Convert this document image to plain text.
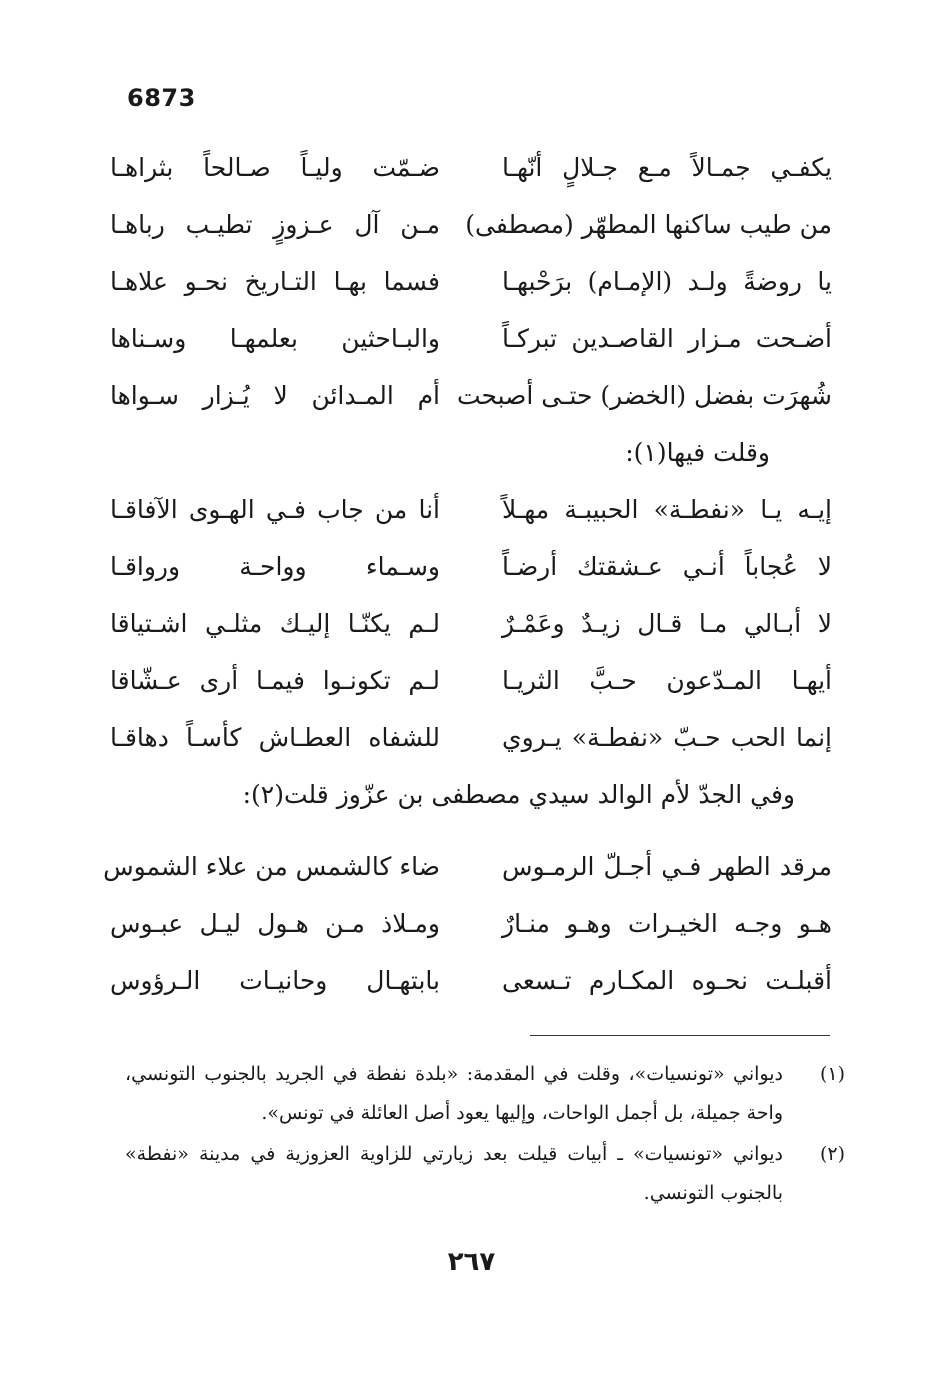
6873
يكفـي جمـالاً مـع جـلالٍ أنّهـا
ضـمّت وليـاً صـالحاً بثراهـا
من طيب ساكنها المطهّر (مصطفى)
مـن آل عـزوزٍ تطيـب رباهـا
يا روضةً ولـد (الإمـام) برَحْبهـا
فسما بهـا التـاريخ نحـو علاهـا
أضـحت مـزار القاصـدين تبركـاً
والبـاحثين بعلمهـا وسـناها
شُهرَت بفضل (الخضر) حتـى أصبحت
أم المـدائن لا يُـزار سـواها
وقلت فيها(١):
إيـه يـا «نفطـة» الحبيبـة مهـلاً
أنا من جاب فـي الهـوى الآفاقـا
لا عُجاباً أنـي عـشقتك أرضـاً
وسـماء وواحـة ورواقـا
لا أبـالي مـا قـال زيـدٌ وعَمْـرٌ
لـم يكنّـا إليـك مثلـي اشـتياقا
أيهـا المـدّعون حـبَّ الثريـا
لـم تكونـوا فيمـا أرى عـشّاقا
إنما الحب حـبّ «نفطـة» يـروي
للشفاه العطـاش كأسـاً دهاقـا
وفي الجدّ لأم الوالد سيدي مصطفى بن عزّوز قلت(٢):
مرقد الطهر فـي أجـلّ الرمـوس
ضاء كالشمس من علاء الشموس
هـو وجـه الخيـرات وهـو منـارٌ
ومـلاذ مـن هـول ليـل عبـوس
أقبلـت نحـوه المكـارم تـسعى
بابتهـال وحانيـات الـرؤوس
(١)
ديواني «تونسيات»، وقلت في المقدمة: «بلدة نفطة في الجريد بالجنوب التونسي، واحة جميلة، بل أجمل الواحات، وإليها يعود أصل العائلة في تونس».
(٢)
ديواني «تونسيات» ـ أبيات قيلت بعد زيارتي للزاوية العزوزية في مدينة «نفطة» بالجنوب التونسي.
٢٦٧
